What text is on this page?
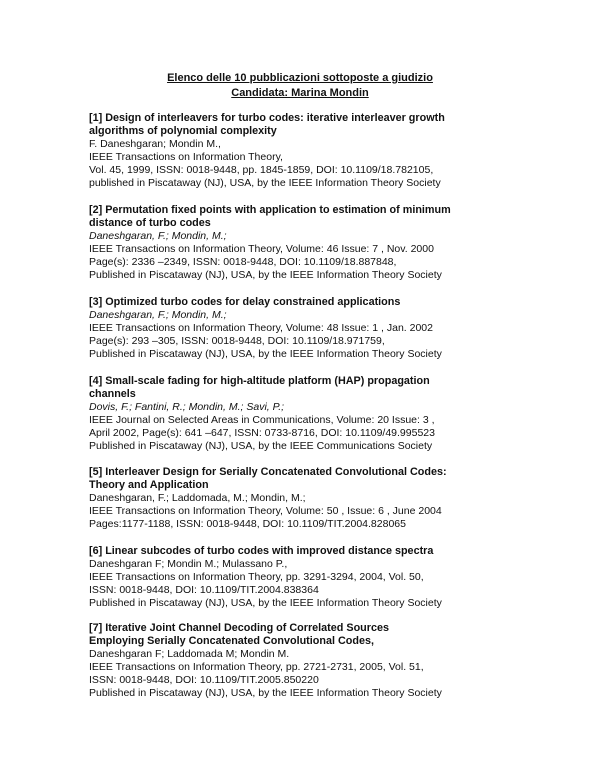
Elenco delle 10 pubblicazioni sottoposte a giudizio
Candidata: Marina Mondin
[1] Design of interleavers for turbo codes: iterative interleaver growth
algorithms of polynomial complexity
F. Daneshgaran; Mondin M.,
IEEE Transactions on Information Theory,
Vol. 45, 1999, ISSN: 0018-9448, pp. 1845-1859, DOI: 10.1109/18.782105,
published in Piscataway (NJ), USA, by the IEEE Information Theory Society
[2] Permutation fixed points with application to estimation of minimum
distance of turbo codes
Daneshgaran, F.; Mondin, M.;
IEEE Transactions on Information Theory, Volume: 46 Issue: 7 , Nov. 2000
Page(s): 2336 –2349, ISSN: 0018-9448, DOI: 10.1109/18.887848,
Published in Piscataway (NJ), USA, by the IEEE Information Theory Society
[3] Optimized turbo codes for delay constrained applications
Daneshgaran, F.; Mondin, M.;
IEEE Transactions on Information Theory, Volume: 48 Issue: 1 , Jan. 2002
Page(s): 293 –305, ISSN: 0018-9448, DOI: 10.1109/18.971759,
Published in Piscataway (NJ), USA, by the IEEE Information Theory Society
[4] Small-scale fading for high-altitude platform (HAP) propagation
channels
Dovis, F.; Fantini, R.; Mondin, M.; Savi, P.;
IEEE Journal on Selected Areas in Communications, Volume: 20 Issue: 3 ,
April 2002, Page(s): 641 –647, ISSN: 0733-8716, DOI: 10.1109/49.995523
Published in Piscataway (NJ), USA, by the IEEE Communications Society
[5] Interleaver Design for Serially Concatenated Convolutional Codes:
Theory and Application
Daneshgaran, F.; Laddomada, M.; Mondin, M.;
IEEE Transactions on Information Theory, Volume: 50 , Issue: 6 , June 2004
Pages:1177-1188, ISSN: 0018-9448, DOI: 10.1109/TIT.2004.828065
[6] Linear subcodes of turbo codes with improved distance spectra
Daneshgaran F; Mondin M.; Mulassano P.,
IEEE Transactions on Information Theory, pp. 3291-3294, 2004, Vol. 50,
ISSN: 0018-9448, DOI: 10.1109/TIT.2004.838364
Published in Piscataway (NJ), USA, by the IEEE Information Theory Society
[7] Iterative Joint Channel Decoding of Correlated Sources
Employing Serially Concatenated Convolutional Codes,
Daneshgaran F; Laddomada M; Mondin M.
IEEE Transactions on Information Theory, pp. 2721-2731, 2005, Vol. 51,
ISSN: 0018-9448, DOI: 10.1109/TIT.2005.850220
Published in Piscataway (NJ), USA, by the IEEE Information Theory Society
